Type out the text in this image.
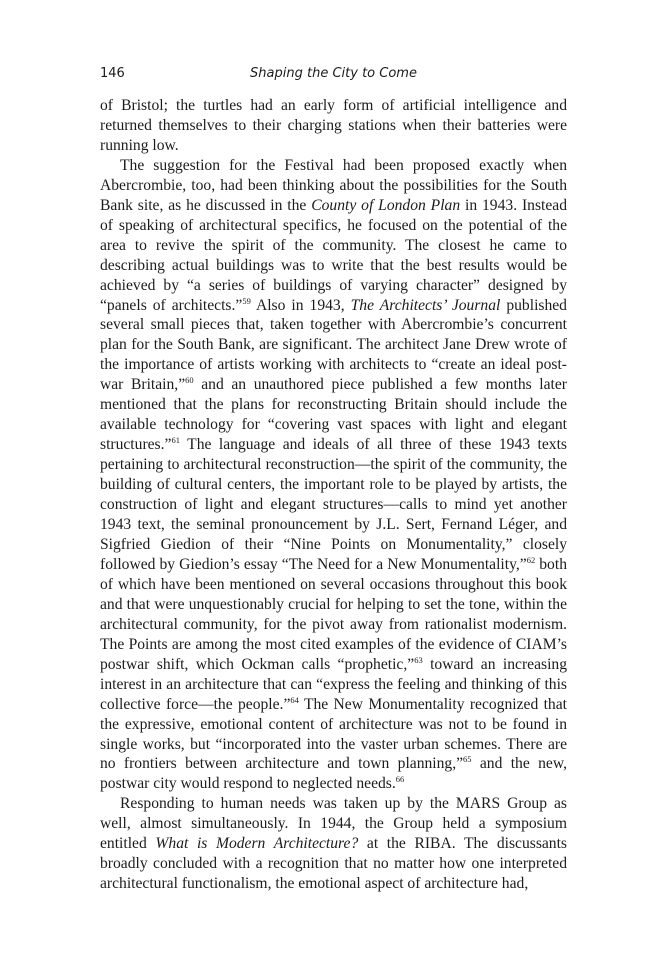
146	Shaping the City to Come

of Bristol; the turtles had an early form of artificial intelligence and returned themselves to their charging stations when their batteries were running low.

The suggestion for the Festival had been proposed exactly when Abercrombie, too, had been thinking about the possibilities for the South Bank site, as he discussed in the County of London Plan in 1943. Instead of speaking of architectural specifics, he focused on the potential of the area to revive the spirit of the community. The closest he came to describing actual buildings was to write that the best results would be achieved by “a series of buildings of varying character” designed by “panels of architects.”$^{59}$ Also in 1943, The Architects’ Journal published several small pieces that, taken together with Abercrombie’s concurrent plan for the South Bank, are significant. The architect Jane Drew wrote of the importance of artists working with architects to “create an ideal post-war Britain,”$^{60}$ and an unauthored piece published a few months later mentioned that the plans for reconstructing Britain should include the available technology for “covering vast spaces with light and elegant structures.”$^{61}$ The language and ideals of all three of these 1943 texts pertaining to architectural reconstruction—the spirit of the community, the building of cultural centers, the important role to be played by artists, the construction of light and elegant structures—calls to mind yet another 1943 text, the seminal pronouncement by J.L. Sert, Fernand Léger, and Sigfried Giedion of their “Nine Points on Monumentality,” closely followed by Giedion’s essay “The Need for a New Monumentality,”$^{62}$ both of which have been mentioned on several occasions throughout this book and that were unquestionably crucial for helping to set the tone, within the architectural community, for the pivot away from rationalist modernism. The Points are among the most cited examples of the evidence of CIAM’s postwar shift, which Ockman calls “prophetic,”$^{63}$ toward an increasing interest in an architecture that can “express the feeling and thinking of this collective force—the people.”$^{64}$ The New Monumentality recognized that the expressive, emotional content of architecture was not to be found in single works, but “incorporated into the vaster urban schemes. There are no frontiers between architecture and town planning,”$^{65}$ and the new, postwar city would respond to neglected needs.$^{66}$

Responding to human needs was taken up by the MARS Group as well, almost simultaneously. In 1944, the Group held a symposium entitled What is Modern Architecture? at the RIBA. The discussants broadly concluded with a recognition that no matter how one interpreted architectural functionalism, the emotional aspect of architecture had,
